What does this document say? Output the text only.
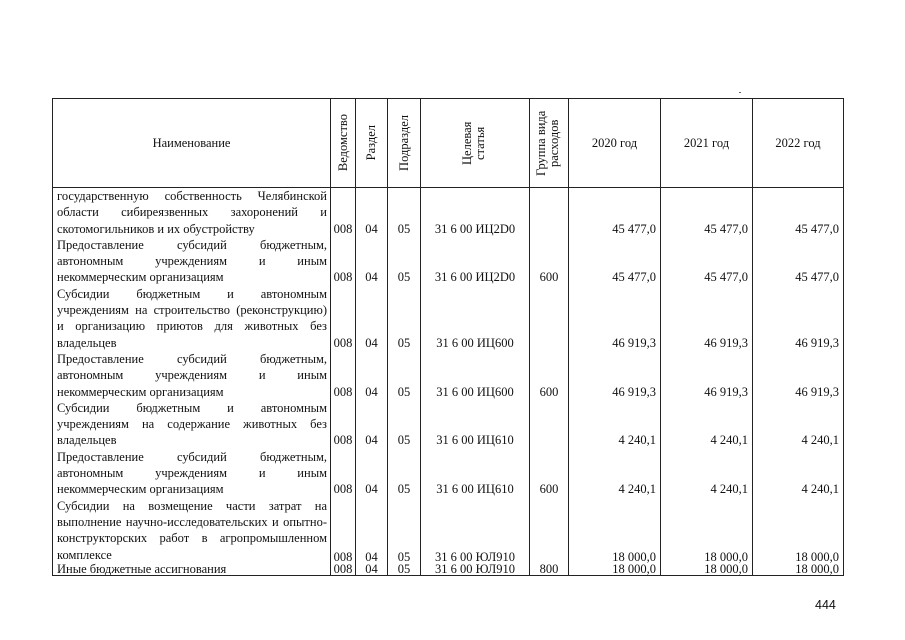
Наименование	Ведомство	Раздел	Подраздел	Целевая статья	Группа вида расходов	2020 год	2021 год	2022 год
государственную собственность Челябинской области сибиреязвенных захоронений и скотомогильников и их обустройству	008	04	05	31 6 00 ИЦ2D0		45 477,0	45 477,0	45 477,0
Предоставление субсидий бюджетным, автономным учреждениям и иным некоммерческим организациям	008	04	05	31 6 00 ИЦ2D0	600	45 477,0	45 477,0	45 477,0
Субсидии бюджетным и автономным учреждениям на строительство (реконструкцию) и организацию приютов для животных без владельцев	008	04	05	31 6 00 ИЦ600		46 919,3	46 919,3	46 919,3
Предоставление субсидий бюджетным, автономным учреждениям и иным некоммерческим организациям	008	04	05	31 6 00 ИЦ600	600	46 919,3	46 919,3	46 919,3
Субсидии бюджетным и автономным учреждениям на содержание животных без владельцев	008	04	05	31 6 00 ИЦ610		4 240,1	4 240,1	4 240,1
Предоставление субсидий бюджетным, автономным учреждениям и иным некоммерческим организациям	008	04	05	31 6 00 ИЦ610	600	4 240,1	4 240,1	4 240,1
Субсидии на возмещение части затрат на выполнение научно-исследовательских и опытно-конструкторских работ в агропромышленном комплексе	008	04	05	31 6 00 ЮЛ910		18 000,0	18 000,0	18 000,0
Иные бюджетные ассигнования	008	04	05	31 6 00 ЮЛ910	800	18 000,0	18 000,0	18 000,0
444
